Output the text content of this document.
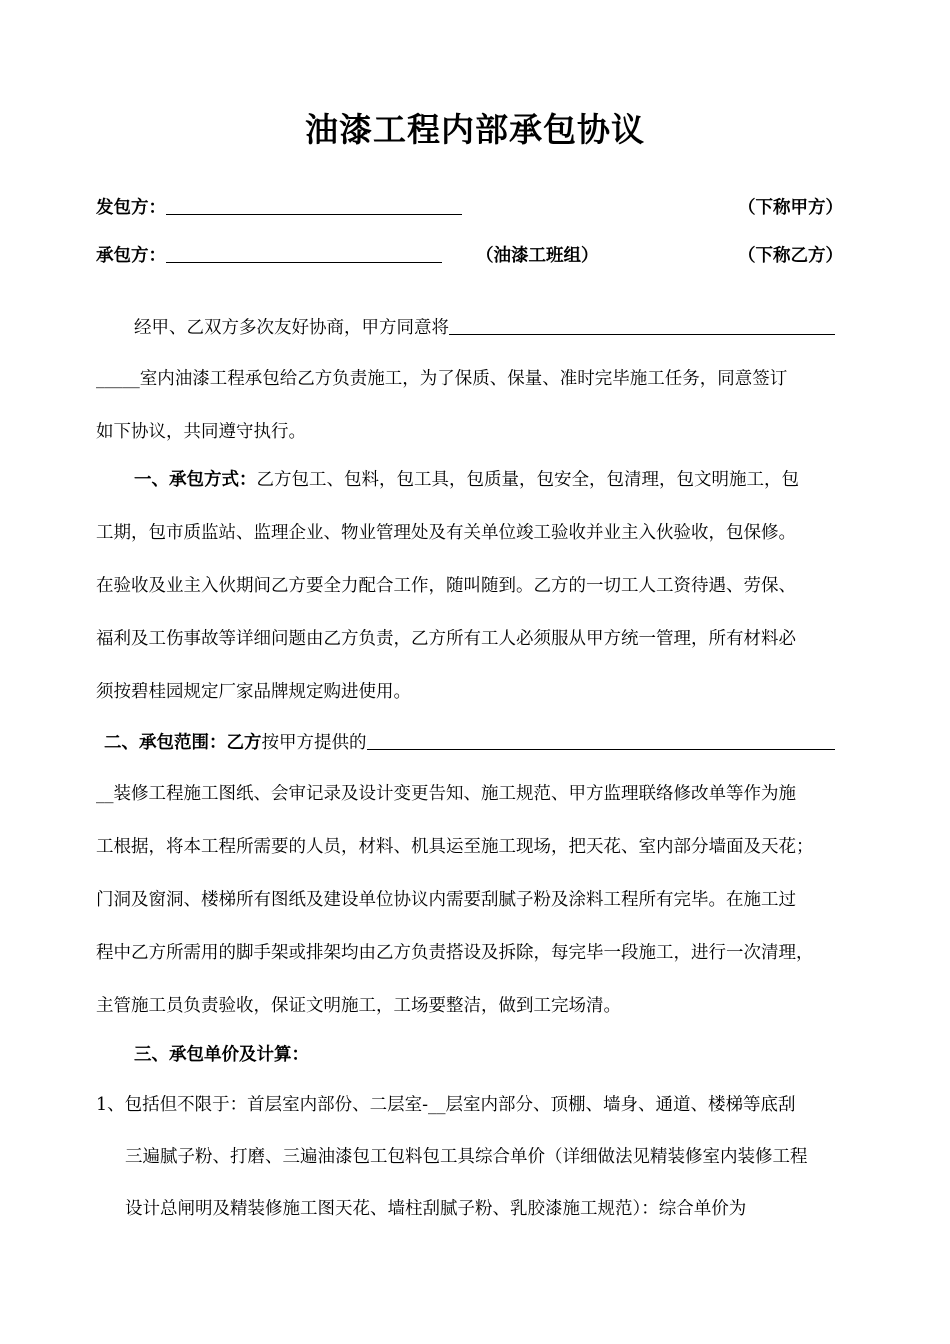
油漆工程内部承包协议
发包方：	（下称甲方）
承包方：	（油漆工班组）	（下称乙方）
经甲、乙双方多次友好协商，甲方同意将
_____室内油漆工程承包给乙方负责施工，为了保质、保量、准时完毕施工任务，同意签订
如下协议，共同遵守执行。
一、承包方式：乙方包工、包料，包工具，包质量，包安全，包清理，包文明施工，包
工期，包市质监站、监理企业、物业管理处及有关单位竣工验收并业主入伙验收，包保修。
在验收及业主入伙期间乙方要全力配合工作，随叫随到。乙方的一切工人工资待遇、劳保、
福利及工伤事故等详细问题由乙方负责，乙方所有工人必须服从甲方统一管理，所有材料必
须按碧桂园规定厂家品牌规定购进使用。
二、承包范围：乙方按甲方提供的
__装修工程施工图纸、会审记录及设计变更告知、施工规范、甲方监理联络修改单等作为施
工根据，将本工程所需要的人员，材料、机具运至施工现场，把天花、室内部分墙面及天花；
门洞及窗洞、楼梯所有图纸及建设单位协议内需要刮腻子粉及涂料工程所有完毕。在施工过
程中乙方所需用的脚手架或排架均由乙方负责搭设及拆除，每完毕一段施工，进行一次清理，
主管施工员负责验收，保证文明施工，工场要整洁，做到工完场清。
三、承包单价及计算：
1、包括但不限于：首层室内部份、二层室-__层室内部分、顶棚、墙身、通道、楼梯等底刮
三遍腻子粉、打磨、三遍油漆包工包料包工具综合单价（详细做法见精装修室内装修工程
设计总闸明及精装修施工图天花、墙柱刮腻子粉、乳胶漆施工规范）：综合单价为
